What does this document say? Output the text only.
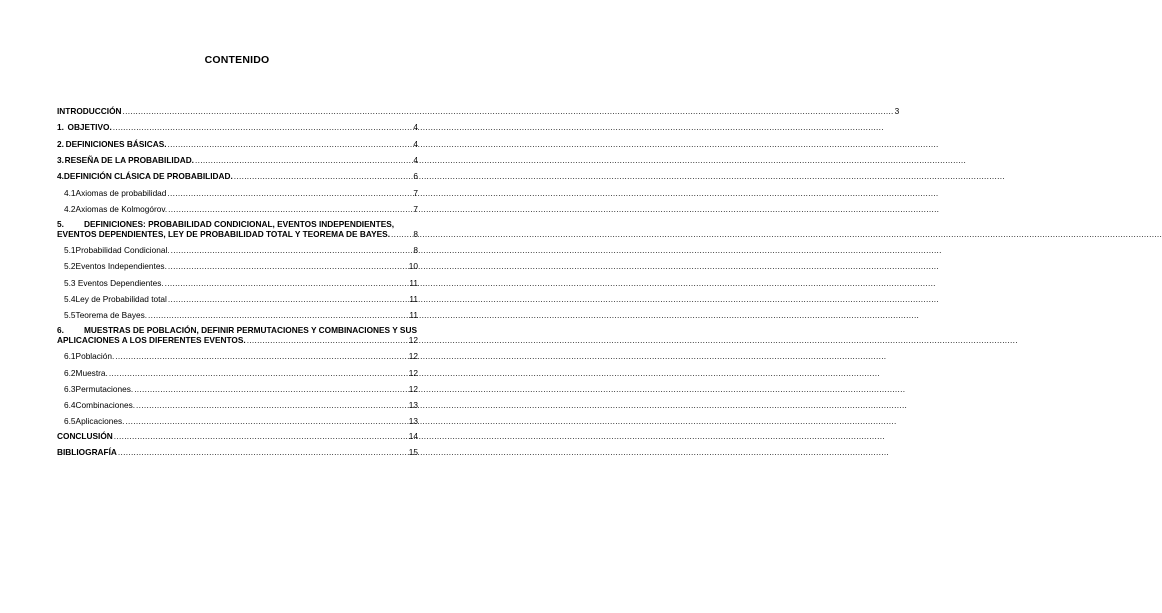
CONTENIDO
INTRODUCCIÓN .....	3
1. OBJETIVO. .....	4
2. DEFINICIONES BÁSICAS. .....	4
3. RESEÑA DE LA PROBABILIDAD. .....	4
4. DEFINICIÓN CLÁSICA DE PROBABILIDAD. .....	6
4.1 Axiomas de probabilidad .....	7
4.2 Axiomas de Kolmogórov. .....	7
5. DEFINICIONES: PROBABILIDAD CONDICIONAL, EVENTOS INDEPENDIENTES,
EVENTOS DEPENDIENTES, LEY DE PROBABILIDAD TOTAL Y TEOREMA DE BAYES. .....	8
5.1 Probabilidad Condicional. .....	8
5.2 Eventos Independientes. .....	10
5.3 Eventos Dependientes. .....	11
5.4 Ley de Probabilidad total .....	11
5.5 Teorema de Bayes. .....	11
6. MUESTRAS DE POBLACIÓN, DEFINIR PERMUTACIONES Y COMBINACIONES Y SUS
APLICACIONES A LOS DIFERENTES EVENTOS. .....	12
6.1 Población. .....	12
6.2 Muestra. .....	12
6.3 Permutaciones. .....	12
6.4 Combinaciones. .....	13
6.5 Aplicaciones. .....	13
CONCLUSIÓN .....	14
BIBLIOGRAFÍA .....	15
